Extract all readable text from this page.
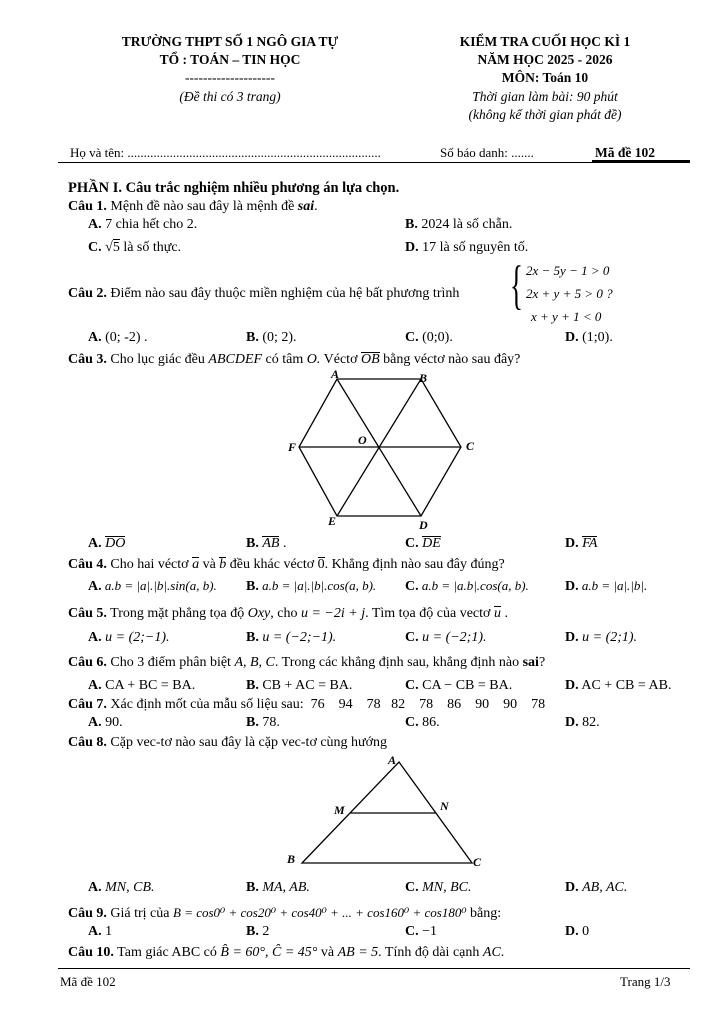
TRƯỜNG THPT SỐ 1 NGÔ GIA TỰ
TỔ : TOÁN – TIN HỌC
--------------------
(Đề thi có 3 trang)
KIỂM TRA CUỐI HỌC KÌ 1
NĂM HỌC 2025 - 2026
MÔN: Toán 10
Thời gian làm bài: 90 phút
(không kể thời gian phát đề)
Họ và tên: ..............................................................................	Số báo danh: .......	Mã đề 102
PHẦN I. Câu trắc nghiệm nhiều phương án lựa chọn.
Câu 1. Mệnh đề nào sau đây là mệnh đề sai.
A. 7 chia hết cho 2.	B. 2024 là số chẵn.
C. √5 là số thực.	D. 17 là số nguyên tố.
Câu 2. Điểm nào sau đây thuộc miền nghiệm của hệ bất phương trình { 2x − 5y − 1 > 0
2x + y + 5 > 0 ?
x + y + 1 < 0
A. (0; -2) .	B. (0; 2).	C. (0;0).	D. (1;0).
Câu 3. Cho lục giác đều ABCDEF có tâm O. Véctơ OB bằng véctơ nào sau đây?
A	B
C
D
E
F	O
A. DO	B. AB .	C. DE	D. FA
Câu 4. Cho hai véctơ a và b đều khác véctơ 0. Khẳng định nào sau đây đúng?
A. a.b = |a|.|b|.sin(a, b). B. a.b = |a|.|b|.cos(a, b). C. a.b = |a.b|.cos(a, b).	D. a.b = |a|.|b|.
Câu 5. Trong mặt phẳng tọa độ Oxy, cho u = −2i + j. Tìm tọa độ của vectơ u .
A. u = (2;−1).	B. u = (−2;−1).	C. u = (−2;1).	D. u = (2;1).
Câu 6. Cho 3 điểm phân biệt A, B, C. Trong các khẳng định sau, khẳng định nào sai?
A. CA + BC = BA.	B. CB + AC = BA.	C. CA − CB = BA.	D. AC + CB = AB.
Câu 7. Xác định mốt của mẫu số liệu sau:  76    94    78   82    78    86    90    90    78
A. 90.	B. 78.	C. 86.	D. 82.
Câu 8. Cặp vec-tơ nào sau đây là cặp vec-tơ cùng hướng
A
M	N
B	C
A. MN, CB.	B. MA, AB.	C. MN, BC.	D. AB, AC.
Câu 9. Giá trị của B = cos0⁰ + cos20⁰ + cos40⁰ + ... + cos160⁰ + cos180⁰ bằng:
A. 1	B. 2	C. −1	D. 0
Câu 10. Tam giác ABC có B̂ = 60°, Ĉ = 45° và AB = 5. Tính độ dài cạnh AC.
Mã đề 102	Trang 1/3
